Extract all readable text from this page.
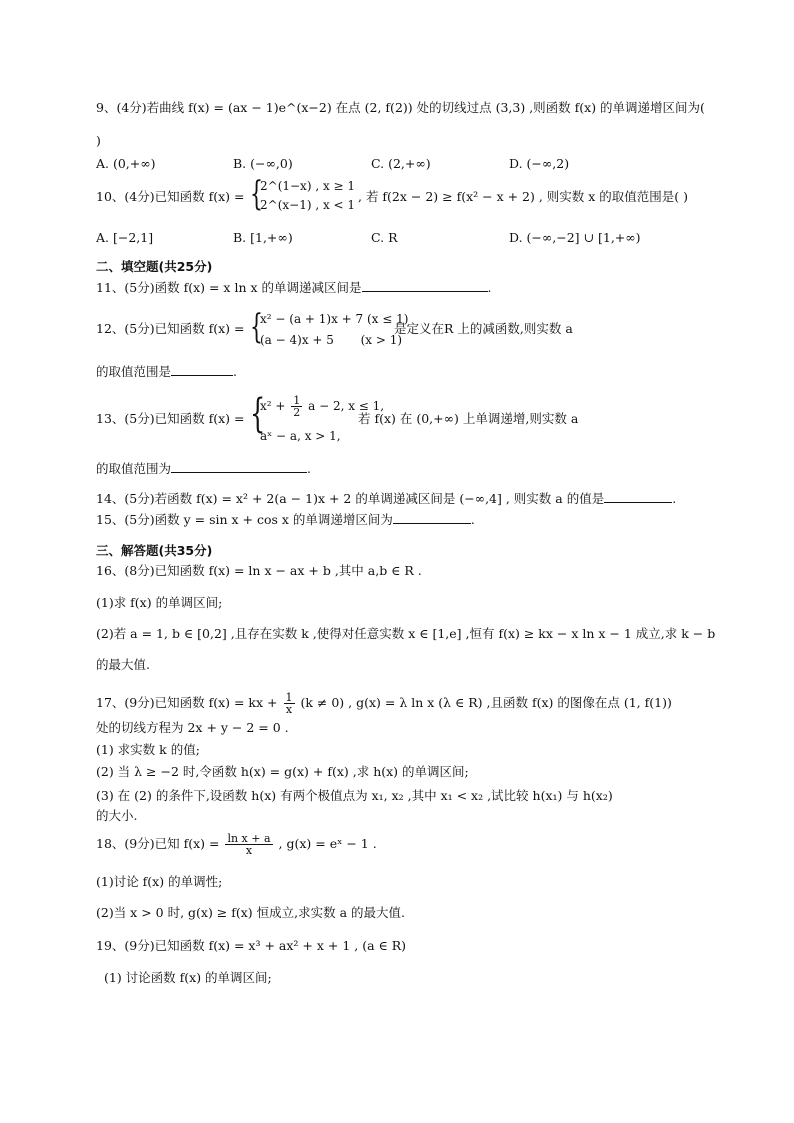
9、(4分)若曲线 f(x) = (ax − 1)e^(x−2) 在点 (2, f(2)) 处的切线过点 (3,3) ,则函数 f(x) 的单调递增区间为(
)
A. (0,+∞)	B. (−∞,0)	C. (2,+∞)	D. (−∞,2)
10、(4分)已知函数 f(x) = {
2^(1−x) , x ≥ 1
2^(x−1) , x < 1
, 若 f(2x − 2) ≥ f(x² − x + 2) , 则实数 x 的取值范围是( )
A. [−2,1]	B. [1,+∞)	C. R	D. (−∞,−2] ∪ [1,+∞)
二、填空题(共25分)
11、(5分)函数 f(x) = x ln x 的单调递减区间是	.
12、(5分)已知函数 f(x) = {
x² − (a + 1)x + 7 (x ≤ 1)
(a − 4)x + 5       (x > 1)
是定义在R 上的减函数,则实数 a
的取值范围是	.
13、(5分)已知函数 f(x) = {
$x^2 + \frac{1}{2}$ a − 2, x ≤ 1,
aˣ − a, x > 1,
若 f(x) 在 (0,+∞) 上单调递增,则实数 a
的取值范围为	.
14、(5分)若函数 f(x) = x² + 2(a − 1)x + 2 的单调递减区间是 (−∞,4] , 则实数 a 的值是	.
15、(5分)函数 y = sin x + cos x 的单调递增区间为	.
三、解答题(共35分)
16、(8分)已知函数 f(x) = ln x − ax + b ,其中 a,b ∈ R .
(1)求 f(x) 的单调区间;
(2)若 a = 1, b ∈ [0,2] ,且存在实数 k ,使得对任意实数 x ∈ [1,e] ,恒有 f(x) ≥ kx − x ln x − 1 成立,求 k − b
的最大值.
17、(9分)已知函数 f(x) = kx + $\frac{1}{x} (k \ne 0)$ , g(x) = λ ln x (λ ∈ R) ,且函数 f(x) 的图像在点 (1, f(1))
处的切线方程为 2x + y − 2 = 0 .
(1) 求实数 k 的值;
(2) 当 λ ≥ −2 时,令函数 h(x) = g(x) + f(x) ,求 h(x) 的单调区间;
(3) 在 (2) 的条件下,设函数 h(x) 有两个极值点为 x₁, x₂ ,其中 x₁ < x₂ ,试比较 h(x₁) 与 h(x₂)
的大小.
18、(9分)已知 $f(x) = \frac{\text{ln x + a}}{x}$ , g(x) = eˣ − 1 .
(1)讨论 f(x) 的单调性;
(2)当 x > 0 时, g(x) ≥ f(x) 恒成立,求实数 a 的最大值.
19、(9分)已知函数 f(x) = x³ + ax² + x + 1 , (a ∈ R)
(1) 讨论函数 f(x) 的单调区间;
